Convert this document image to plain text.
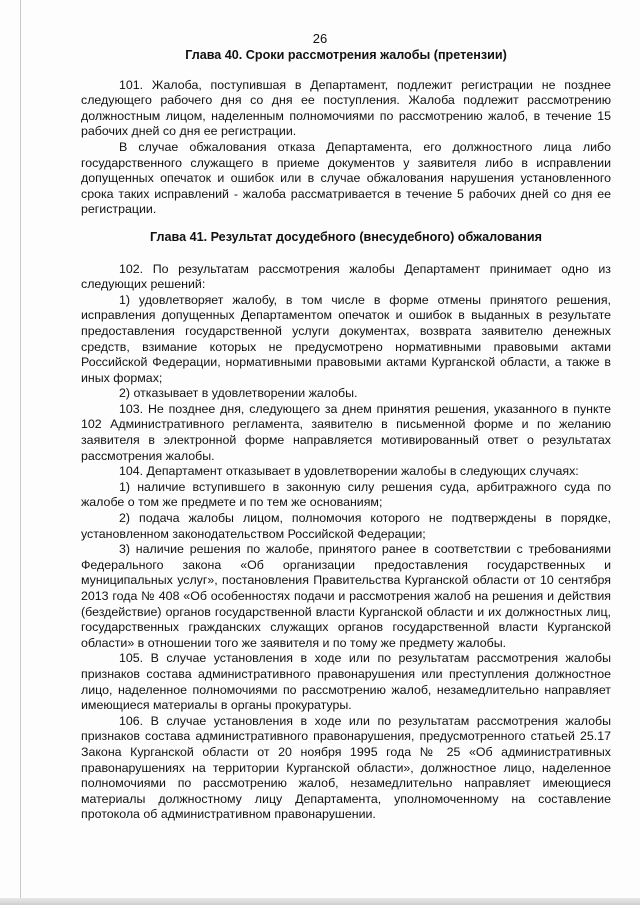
26
Глава 40. Сроки рассмотрения жалобы (претензии)

101. Жалоба, поступившая в Департамент, подлежит регистрации не позднее следующего рабочего дня со дня ее поступления. Жалоба подлежит рассмотрению должностным лицом, наделенным полномочиями по рассмотрению жалоб, в течение 15 рабочих дней со дня ее регистрации.

В случае обжалования отказа Департамента, его должностного лица либо государственного служащего в приеме документов у заявителя либо в исправлении допущенных опечаток и ошибок или в случае обжалования нарушения установленного срока таких исправлений - жалоба рассматривается в течение 5 рабочих дней со дня ее регистрации.

Глава 41. Результат досудебного (внесудебного) обжалования

102. По результатам рассмотрения жалобы Департамент принимает одно из следующих решений:

1) удовлетворяет жалобу, в том числе в форме отмены принятого решения, исправления допущенных Департаментом опечаток и ошибок в выданных в результате предоставления государственной услуги документах, возврата заявителю денежных средств, взимание которых не предусмотрено нормативными правовыми актами Российской Федерации, нормативными правовыми актами Курганской области, а также в иных формах;

2) отказывает в удовлетворении жалобы.

103. Не позднее дня, следующего за днем принятия решения, указанного в пункте 102 Административного регламента, заявителю в письменной форме и по желанию заявителя в электронной форме направляется мотивированный ответ о результатах рассмотрения жалобы.

104. Департамент отказывает в удовлетворении жалобы в следующих случаях:

1) наличие вступившего в законную силу решения суда, арбитражного суда по жалобе о том же предмете и по тем же основаниям;

2) подача жалобы лицом, полномочия которого не подтверждены в порядке, установленном законодательством Российской Федерации;

3) наличие решения по жалобе, принятого ранее в соответствии с требованиями Федерального закона «Об организации предоставления государственных и муниципальных услуг», постановления Правительства Курганской области от 10 сентября 2013 года № 408 «Об особенностях подачи и рассмотрения жалоб на решения и действия (бездействие) органов государственной власти Курганской области и их должностных лиц, государственных гражданских служащих органов государственной власти Курганской области» в отношении того же заявителя и по тому же предмету жалобы.

105. В случае установления в ходе или по результатам рассмотрения жалобы признаков состава административного правонарушения или преступления должностное лицо, наделенное полномочиями по рассмотрению жалоб, незамедлительно направляет имеющиеся материалы в органы прокуратуры.

106. В случае установления в ходе или по результатам рассмотрения жалобы признаков состава административного правонарушения, предусмотренного статьей 25.17 Закона Курганской области от 20 ноября 1995 года № 25 «Об административных правонарушениях на территории Курганской области», должностное лицо, наделенное полномочиями по рассмотрению жалоб, незамедлительно направляет имеющиеся материалы должностному лицу Департамента, уполномоченному на составление протокола об административном правонарушении.
